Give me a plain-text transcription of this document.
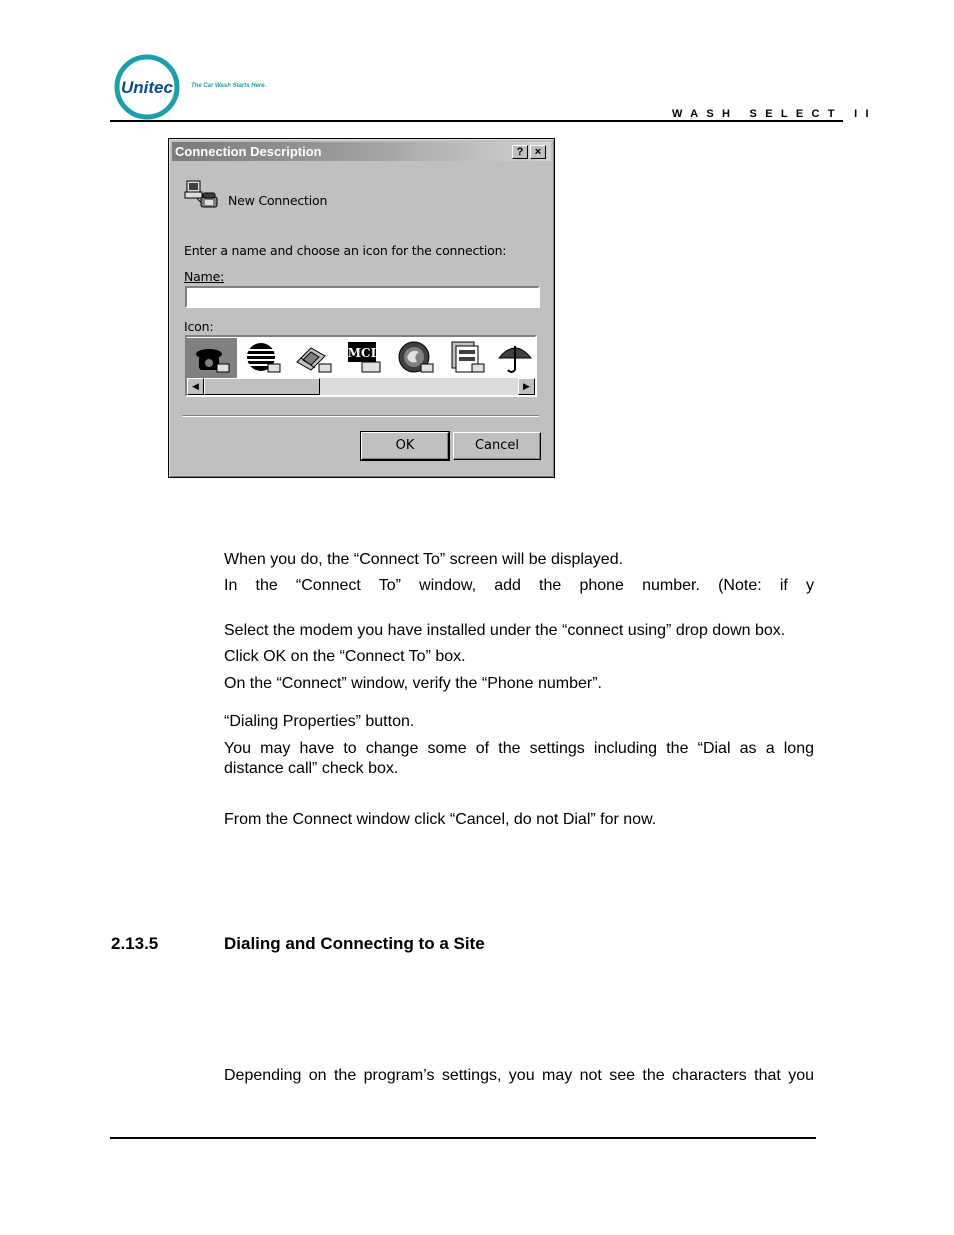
Unitec	The Car Wash Starts Here.
WASH SELECT II
Connection Description	?	×
New Connection
Enter a name and choose an icon for the connection:
Name:
Icon:
MCI
◀	▶
OK	Cancel
When you do, the “Connect To” screen will be displayed.
In the “Connect To” window, add the phone number. (Note: if y
Select the modem you have installed under the “connect using” drop down box.
Click OK on the “Connect To” box.
On the “Connect” window, verify the “Phone number”.
“Dialing Properties” button.
You may have to change some of the settings including the “Dial as a long
distance call” check box.
From the Connect window click “Cancel, do not Dial” for now.
2.13.5	Dialing and Connecting to a Site
Depending on the program’s settings, you may not see the characters that you
